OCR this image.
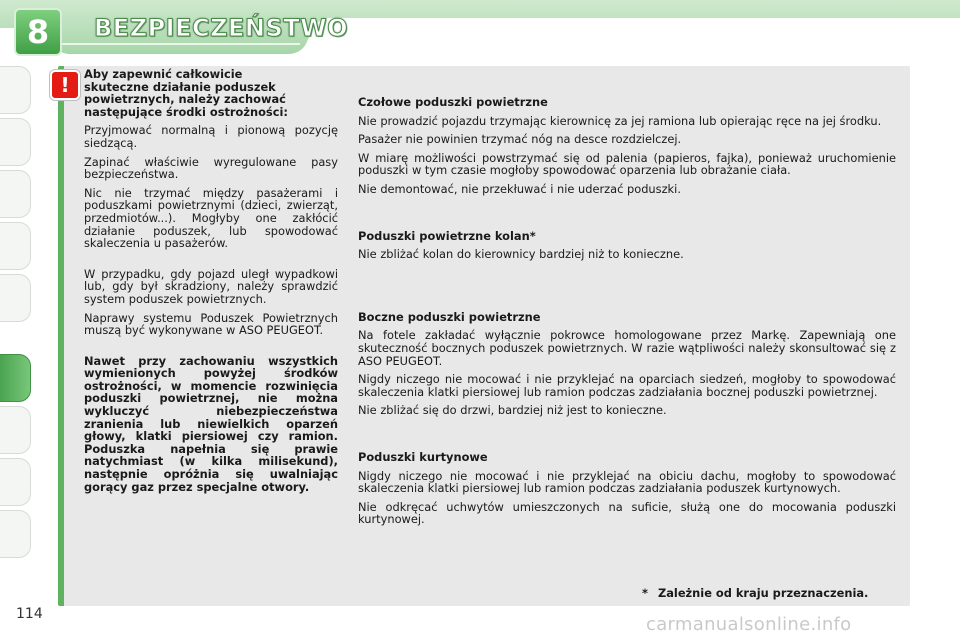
8	BEZPIECZEŃSTWO
!	Aby zapewnić całkowicie
skuteczne działanie poduszek
powietrznych, należy zachować
następujące środki ostrożności:

Przyjmować normalną i pionową pozycję siedzącą.

Zapinać właściwie wyregulowane pasy bezpieczeństwa.

Nic nie trzymać między pasażerami i poduszkami powietrznymi (dzieci, zwierząt, przedmiotów...). Mogłyby one zakłócić działanie poduszek, lub spowodować skaleczenia u pasażerów.

W przypadku, gdy pojazd uległ wypadkowi lub, gdy był skradziony, należy sprawdzić system poduszek powietrznych.

Naprawy systemu Poduszek Powietrznych muszą być wykonywane w ASO PEUGEOT.

Nawet przy zachowaniu wszystkich wymienionych powyżej środków ostrożności, w momencie rozwinięcia poduszki powietrznej, nie można wykluczyć niebezpieczeństwa zranienia lub niewielkich oparzeń głowy, klatki piersiowej czy ramion. Poduszka napełnia się prawie natychmiast (w kilka milisekund), następnie opróżnia się uwalniając gorący gaz przez specjalne otwory.

Czołowe poduszki powietrzne

Nie prowadzić pojazdu trzymając kierownicę za jej ramiona lub opierając ręce na jej środku.

Pasażer nie powinien trzymać nóg na desce rozdzielczej.

W miarę możliwości powstrzymać się od palenia (papieros, fajka), ponieważ uruchomienie poduszki w tym czasie mogłoby spowodować oparzenia lub obrażanie ciała.

Nie demontować, nie przekłuwać i nie uderzać poduszki.

Poduszki powietrzne kolan*

Nie zbliżać kolan do kierownicy bardziej niż to konieczne.

Boczne poduszki powietrzne

Na fotele zakładać wyłącznie pokrowce homologowane przez Markę. Zapewniają one skuteczność bocznych poduszek powietrznych. W razie wątpliwości należy skonsultować się z ASO PEUGEOT.

Nigdy niczego nie mocować i nie przyklejać na oparciach siedzeń, mogłoby to spowodować skaleczenia klatki piersiowej lub ramion podczas zadziałania bocznej poduszki powietrznej.

Nie zbliżać się do drzwi, bardziej niż jest to konieczne.

Poduszki kurtynowe

Nigdy niczego nie mocować i nie przyklejać na obiciu dachu, mogłoby to spowodować skaleczenia klatki piersiowej lub ramion podczas zadziałania poduszek kurtynowych.

Nie odkręcać uchwytów umieszczonych na suficie, służą one do mocowania poduszki kurtynowej.

* Zależnie od kraju przeznaczenia.
114	carmanualsonline.info
